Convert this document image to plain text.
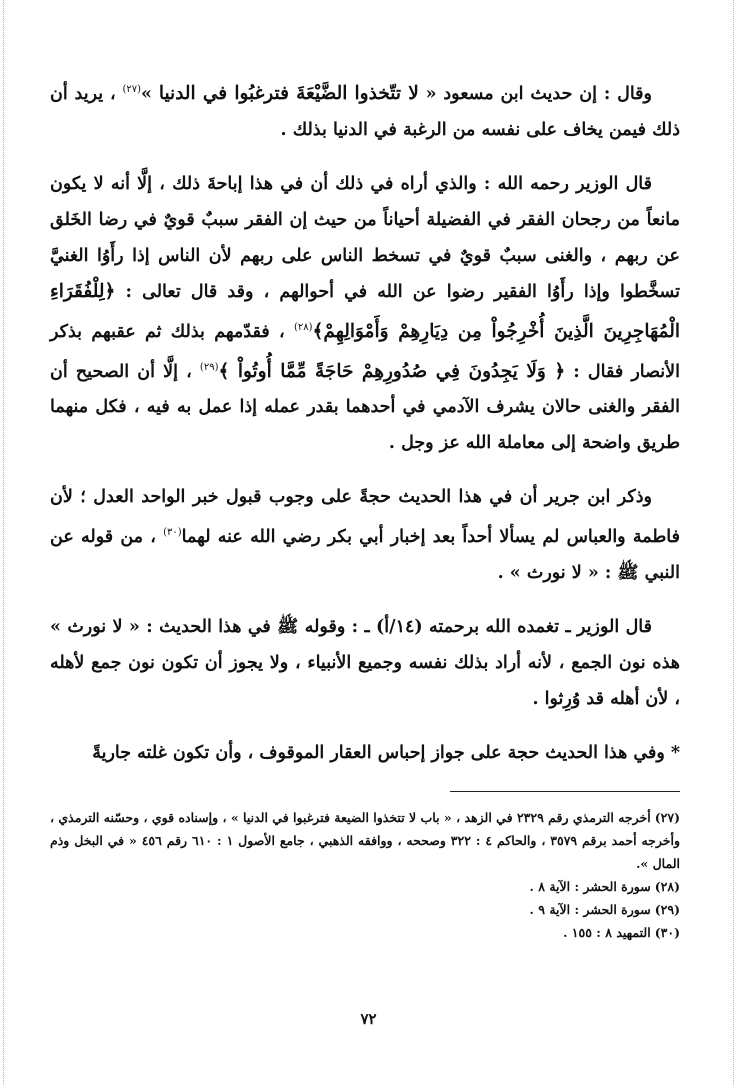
وقال : إن حديث ابن مسعود « لا تتّخذوا الضَّيْعَةَ فترغبُوا في الدنيا »$^{(٢٧)}$ ، يريد أن ذلك فيمن يخاف على نفسه من الرغبة في الدنيا بذلك .

قال الوزير رحمه الله : والذي أراه في ذلك أن في هذا إباحةَ ذلك ، إلَّا أنه لا يكون مانعاً من رجحان الفقر في الفضيلة أحياناً من حيث إن الفقر سببٌ قويٌ في رضا الخَلق عن ربهم ، والغنى سببٌ قويٌ في تسخط الناس على ربهم لأن الناس إذا رأَوُا الغنيَّ تسخَّطوا وإذا رأَوُا الفقير رضوا عن الله في أحوالهم ، وقد قال تعالى : ﴿لِلْفُقَرَاءِ الْمُهَاجِرِينَ الَّذِينَ أُخْرِجُواْ مِن دِيَارِهِمْ وَأَمْوَالِهِمْ﴾$^{(٢٨)}$ ، فقدّمهم بذلك ثم عقبهم بذكر الأنصار فقال : ﴿ وَلَا يَجِدُونَ فِي صُدُورِهِمْ حَاجَةً مِّمَّا أُوتُواْ ﴾$^{(٢٩)}$ ، إلَّا أن الصحيح أن الفقر والغنى حالان يشرف الآدمي في أحدهما بقدر عمله إذا عمل به فيه ، فكل منهما طريق واضحة إلى معاملة الله عز وجل .

وذكر ابن جرير أن في هذا الحديث حجةً على وجوب قبول خبر الواحد العدل ؛ لأن فاطمة والعباس لم يسألا أحداً بعد إخبار أبي بكر رضي الله عنه لهما$^{(٣٠)}$ ، من قوله عن النبي ﷺ : « لا نورث » .

قال الوزير ـ تغمده الله برحمته (١٤/أ) ـ : وقوله ﷺ في هذا الحديث : « لا نورث » هذه نون الجمع ، لأنه أراد بذلك نفسه وجميع الأنبياء ، ولا يجوز أن تكون نون جمع لأهله ، لأن أهله قد وُرِثوا .

*وفي هذا الحديث حجة على جواز إحباس العقار الموقوف ، وأن تكون غلته جاريةً

(٢٧)أخرجه الترمذي رقم ٢٣٢٩ في الزهد ، « باب لا تتخذوا الضيعة فترغبوا في الدنيا » ، وإسناده قوي ، وحسّنه الترمذي ، وأخرجه أحمد برقم ٣٥٧٩ ، والحاكم ٤ : ٣٢٢ وصححه ، ووافقه الذهبي ، جامع الأصول ١ : ٦١٠ رقم ٤٥٦ « في البخل وذم المال ».

(٢٨)سورة الحشر : الآية ٨ .

(٢٩)سورة الحشر : الآية ٩ .

(٣٠)التمهيد ٨ : ١٥٥ .

٧٢
